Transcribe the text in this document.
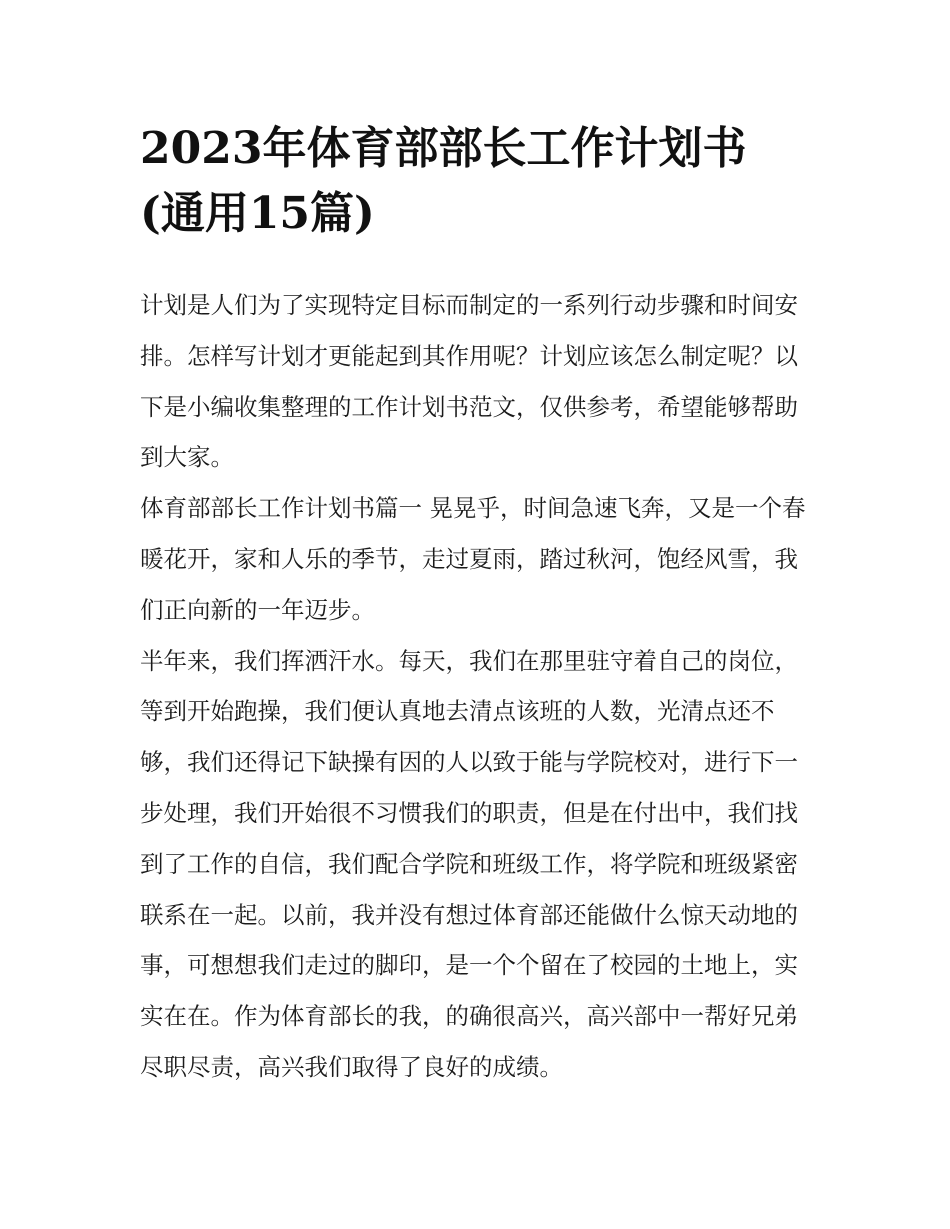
2023年体育部部长工作计划书
(通用15篇)

计划是人们为了实现特定目标而制定的一系列行动步骤和时间安排。怎样写计划才更能起到其作用呢？计划应该怎么制定呢？以下是小编收集整理的工作计划书范文，仅供参考，希望能够帮助到大家。

体育部部长工作计划书篇一 晃晃乎，时间急速飞奔，又是一个春暖花开，家和人乐的季节，走过夏雨，踏过秋河，饱经风雪，我们正向新的一年迈步。

半年来，我们挥洒汗水。每天，我们在那里驻守着自己的岗位，等到开始跑操，我们便认真地去清点该班的人数，光清点还不够，我们还得记下缺操有因的人以致于能与学院校对，进行下一步处理，我们开始很不习惯我们的职责，但是在付出中，我们找到了工作的自信，我们配合学院和班级工作，将学院和班级紧密联系在一起。以前，我并没有想过体育部还能做什么惊天动地的事，可想想我们走过的脚印，是一个个留在了校园的土地上，实实在在。作为体育部长的我，的确很高兴，高兴部中一帮好兄弟尽职尽责，高兴我们取得了良好的成绩。
